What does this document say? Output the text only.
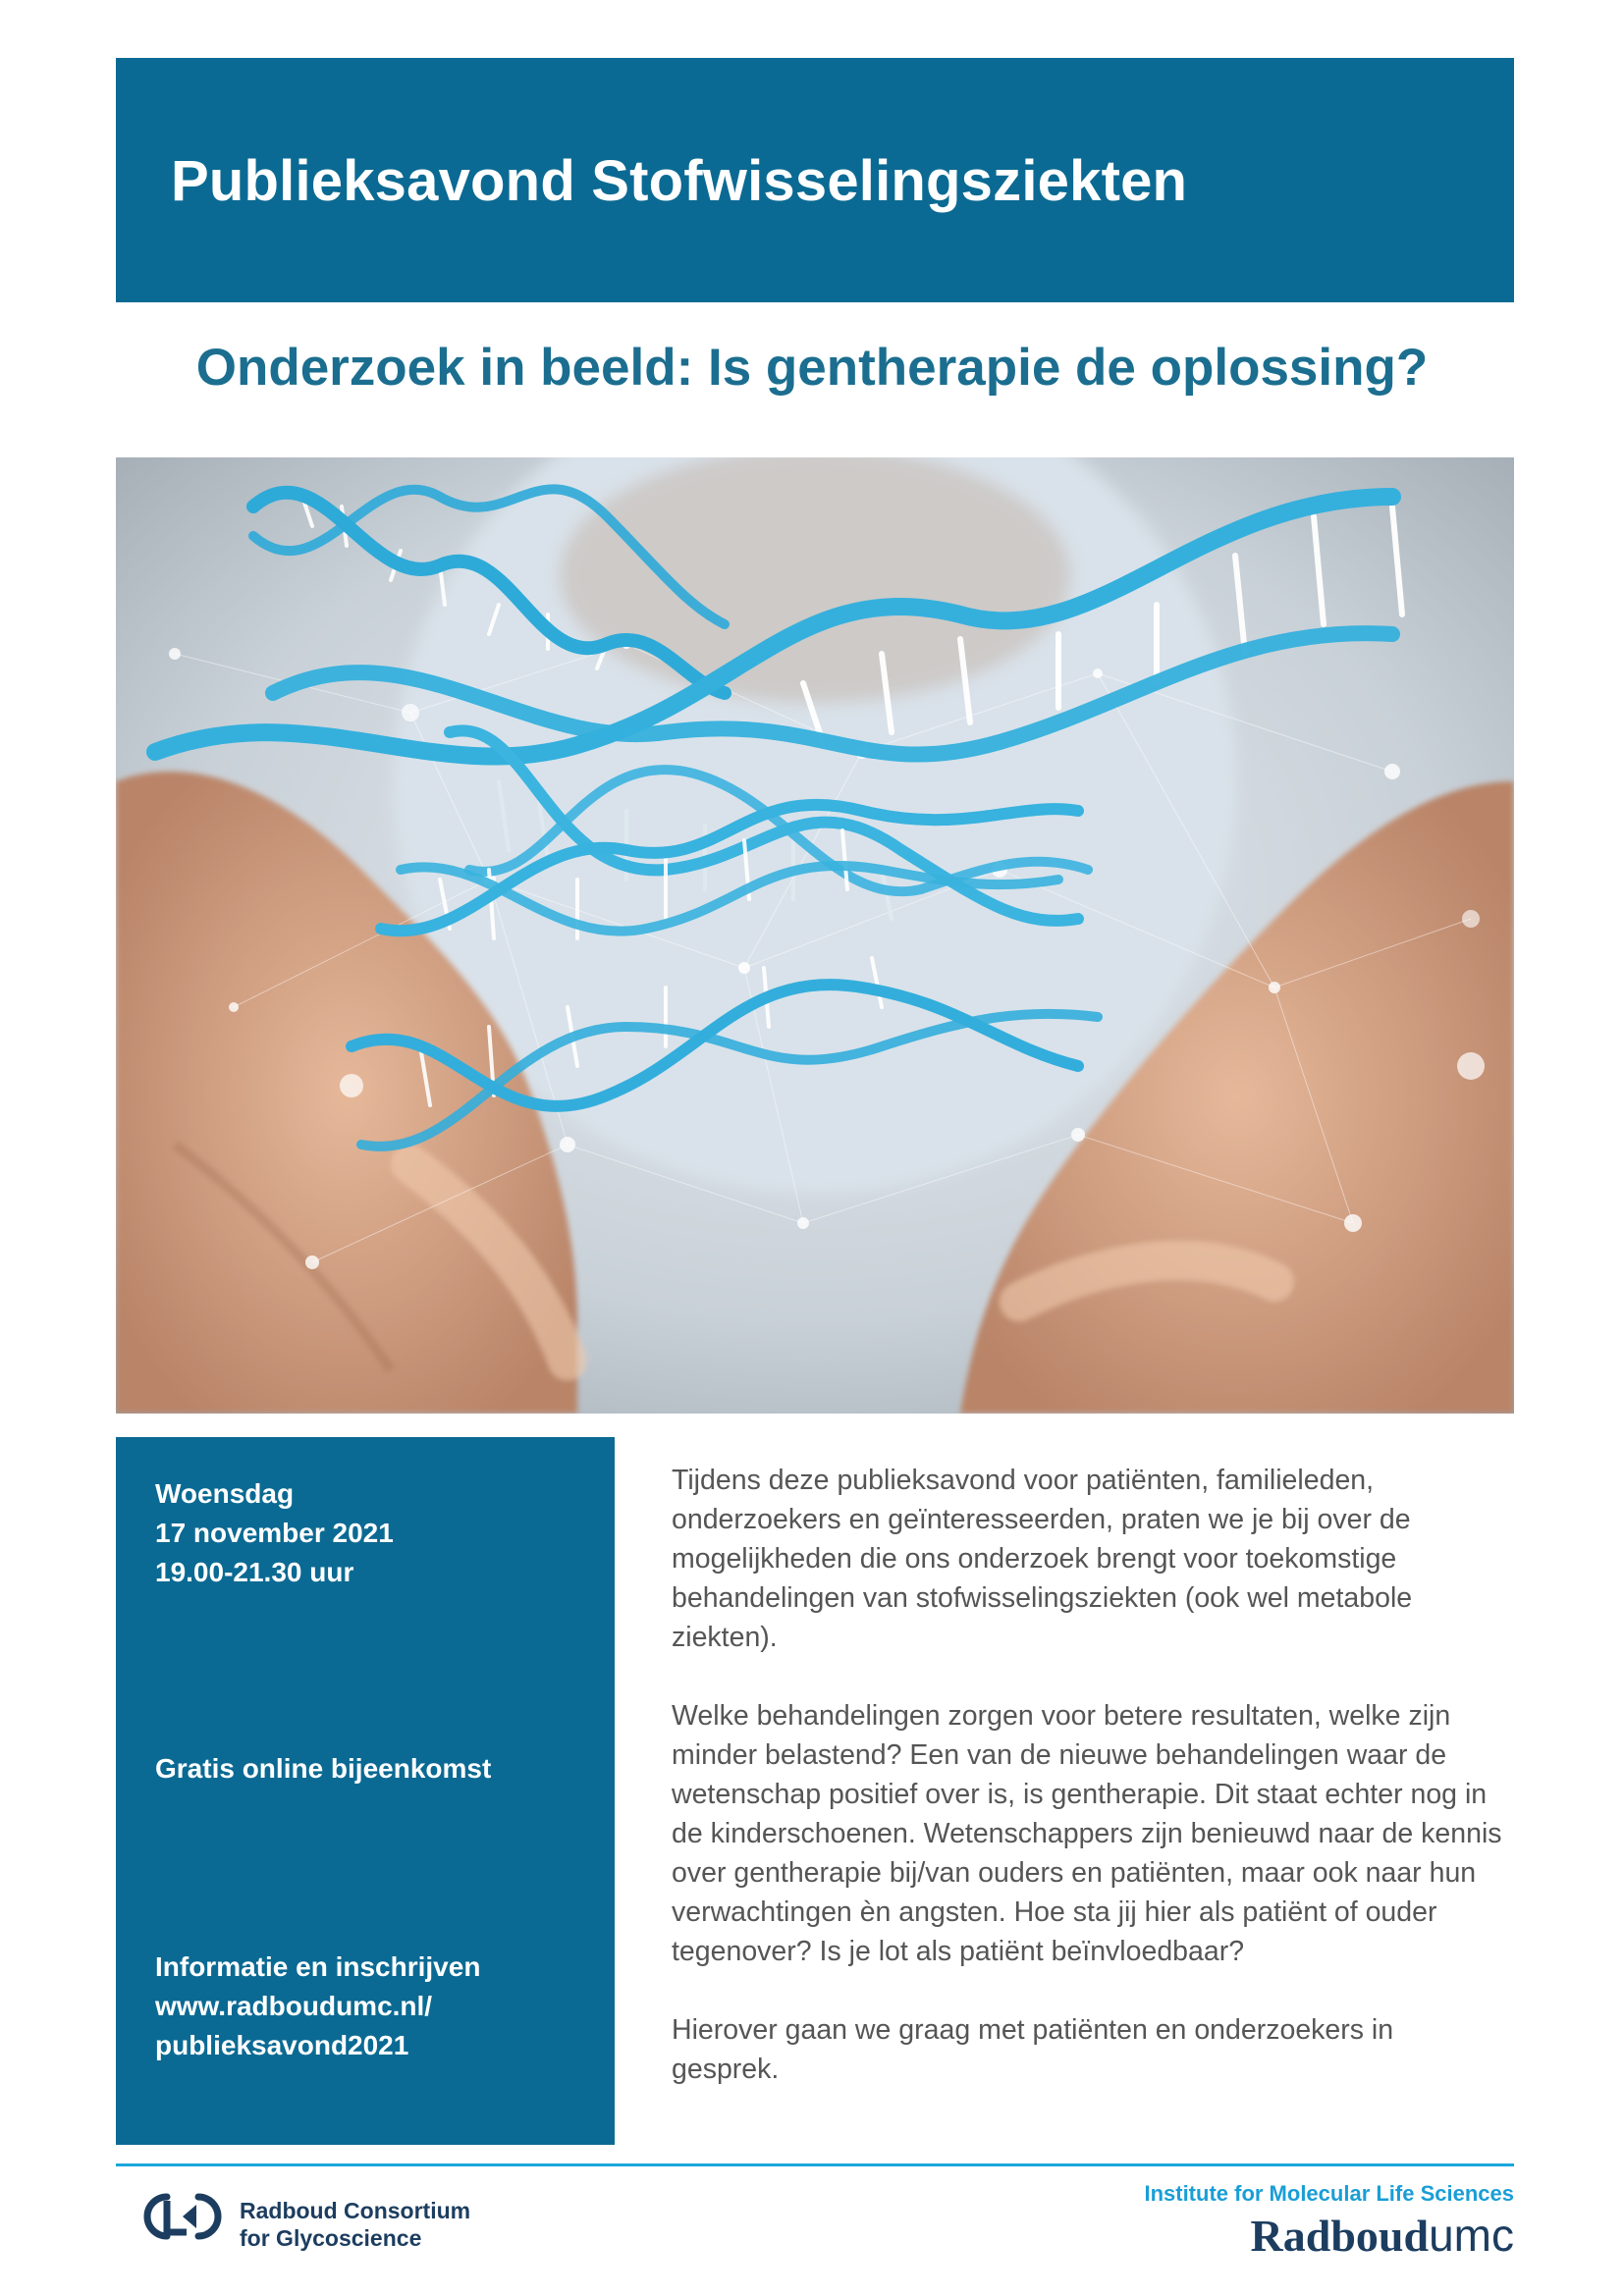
Publieksavond Stofwisselingsziekten
Onderzoek in beeld: Is gentherapie de oplossing?
Woensdag
17 november 2021
19.00-21.30 uur
Gratis online bijeenkomst
Informatie en inschrijven
www.radboudumc.nl/
publieksavond2021

Tijdens deze publieksavond voor patiënten, familieleden, onderzoekers en geïnteresseerden, praten we je bij over de mogelijkheden die ons onderzoek brengt voor toekomstige behandelingen van stofwisselingsziekten (ook wel metabole ziekten).

Welke behandelingen zorgen voor betere resultaten, welke zijn minder belastend? Een van de nieuwe behandelingen waar de wetenschap positief over is, is gentherapie. Dit staat echter nog in de kinderschoenen. Wetenschappers zijn benieuwd naar de kennis over gentherapie bij/van ouders en patiënten, maar ook naar hun verwachtingen èn angsten. Hoe sta jij hier als patiënt of ouder tegenover? Is je lot als patiënt beïnvloedbaar?

Hierover gaan we graag met patiënten en onderzoekers in gesprek.

Radboud Consortium
for Glycoscience
Institute for Molecular Life Sciences
Radboudumc
